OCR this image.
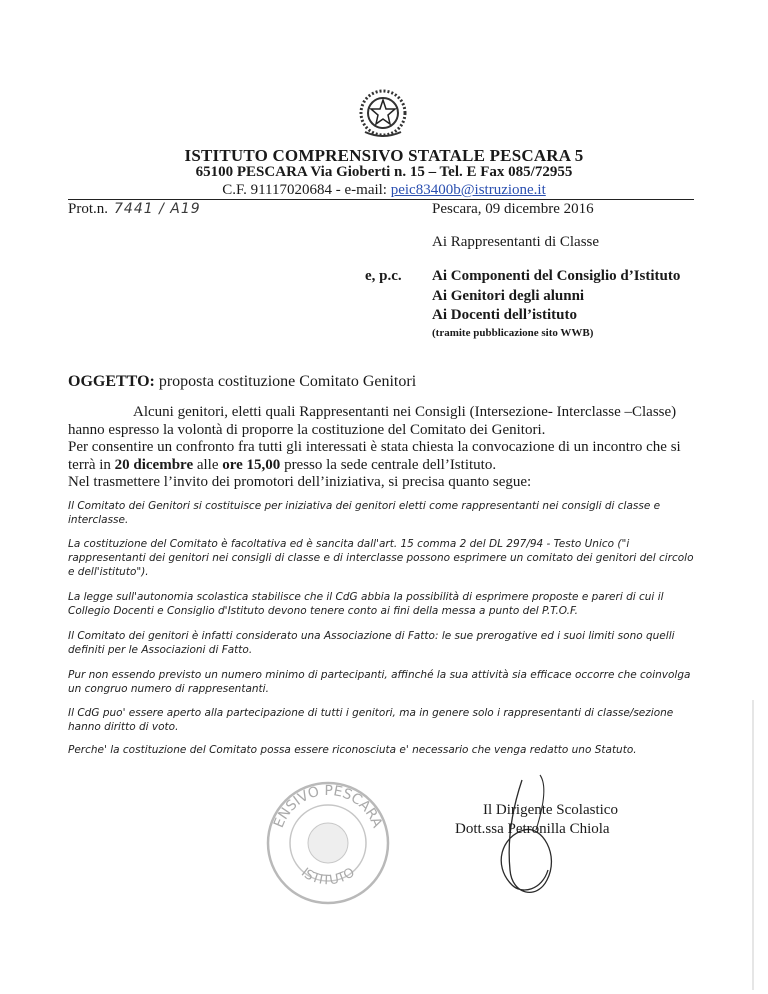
ISTITUTO COMPRENSIVO STATALE PESCARA 5
65100 PESCARA Via Gioberti n. 15 – Tel. E Fax 085/72955
C.F. 91117020684 - e-mail: peic83400b@istruzione.it
Prot.n. 7441 / A19	Pescara, 09 dicembre 2016
Ai Rappresentanti di Classe
e, p.c. Ai Componenti del Consiglio d’Istituto
Ai Genitori degli alunni
Ai Docenti dell’istituto
(tramite pubblicazione sito WWB)
OGGETTO: proposta costituzione Comitato Genitori
Alcuni genitori, eletti quali Rappresentanti nei Consigli (Intersezione- Interclasse –Classe) hanno espresso la volontà di proporre la costituzione del Comitato dei Genitori.
Per consentire un confronto fra tutti gli interessati è stata chiesta la convocazione di un incontro che si terrà in 20 dicembre alle ore 15,00 presso la sede centrale dell’Istituto.
Nel trasmettere l’invito dei promotori dell’iniziativa, si precisa quanto segue:
Il Comitato dei Genitori si costituisce per iniziativa dei genitori eletti come rappresentanti nei consigli di classe e interclasse.
La costituzione del Comitato è facoltativa ed è sancita dall'art. 15 comma 2 del DL 297/94 - Testo Unico ("i rappresentanti dei genitori nei consigli di classe e di interclasse possono esprimere un comitato dei genitori del circolo e dell'istituto").
La legge sull'autonomia scolastica stabilisce che il CdG abbia la possibilità di esprimere proposte e pareri di cui il Collegio Docenti e Consiglio d'Istituto devono tenere conto ai fini della messa a punto del P.T.O.F.
Il Comitato dei genitori è infatti considerato una Associazione di Fatto: le sue prerogative ed i suoi limiti sono quelli definiti per le Associazioni di Fatto.
Pur non essendo previsto un numero minimo di partecipanti, affinché la sua attività sia efficace occorre che coinvolga un congruo numero di rappresentanti.
Il CdG puo' essere aperto alla partecipazione di tutti i genitori, ma in genere solo i rappresentanti di classe/sezione hanno diritto di voto.
Perche' la costituzione del Comitato possa essere riconosciuta e' necessario che venga redatto uno Statuto.
ENSIVO PESCARA
ISTITUTO
Il Dirigente Scolastico
Dott.ssa Petronilla Chiola
